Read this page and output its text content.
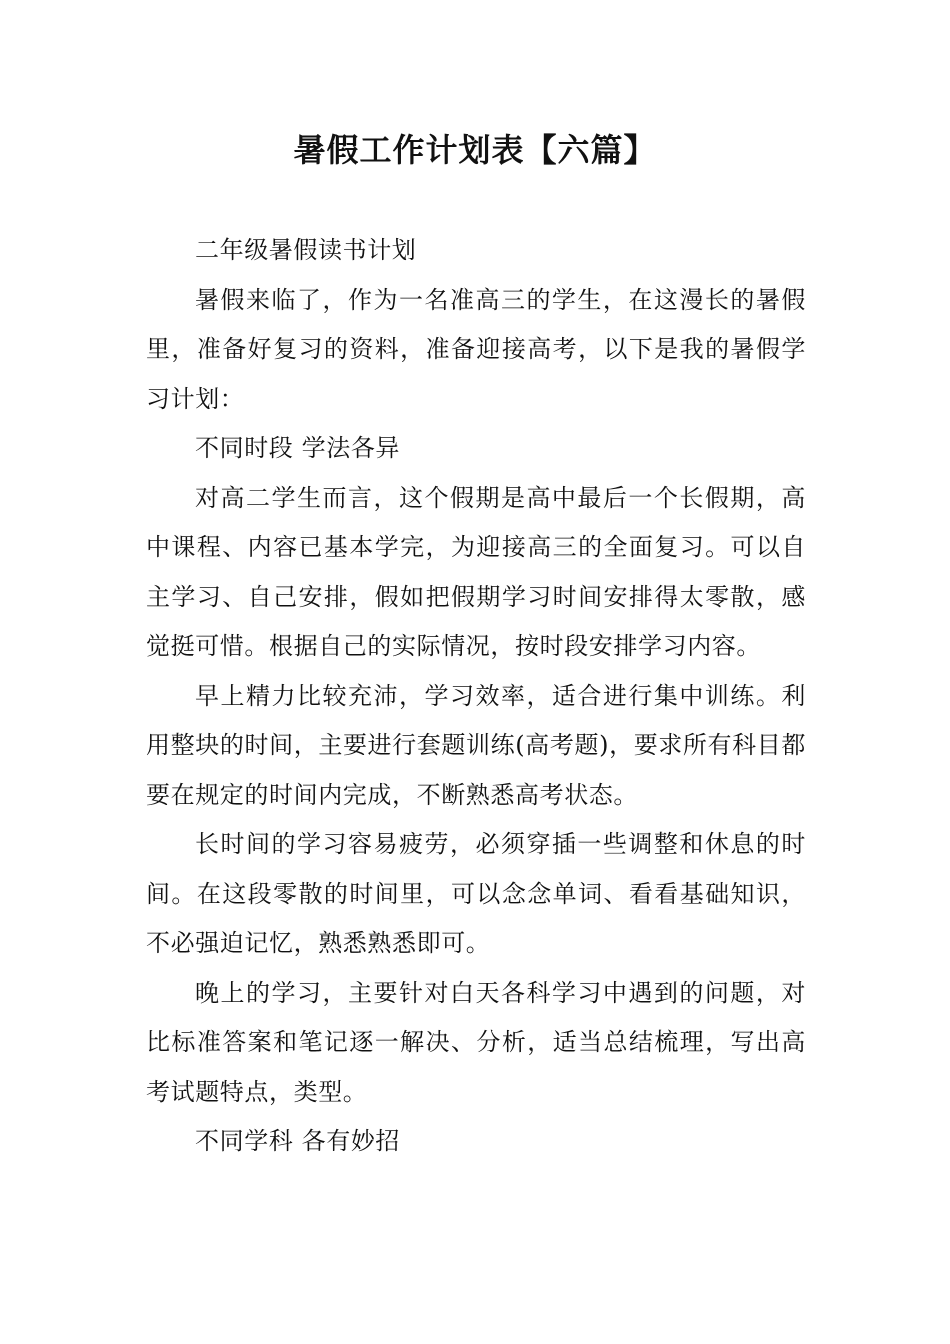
暑假工作计划表【六篇】

二年级暑假读书计划

暑假来临了，作为一名准高三的学生，在这漫长的暑假里，准备好复习的资料，准备迎接高考，以下是我的暑假学习计划：

不同时段 学法各异

对高二学生而言，这个假期是高中最后一个长假期，高中课程、内容已基本学完，为迎接高三的全面复习。可以自主学习、自己安排，假如把假期学习时间安排得太零散，感觉挺可惜。根据自己的实际情况，按时段安排学习内容。

早上精力比较充沛，学习效率，适合进行集中训练。利用整块的时间，主要进行套题训练(高考题)，要求所有科目都要在规定的时间内完成，不断熟悉高考状态。

长时间的学习容易疲劳，必须穿插一些调整和休息的时间。在这段零散的时间里，可以念念单词、看看基础知识，不必强迫记忆，熟悉熟悉即可。

晚上的学习，主要针对白天各科学习中遇到的问题，对比标准答案和笔记逐一解决、分析，适当总结梳理，写出高考试题特点，类型。

不同学科 各有妙招
